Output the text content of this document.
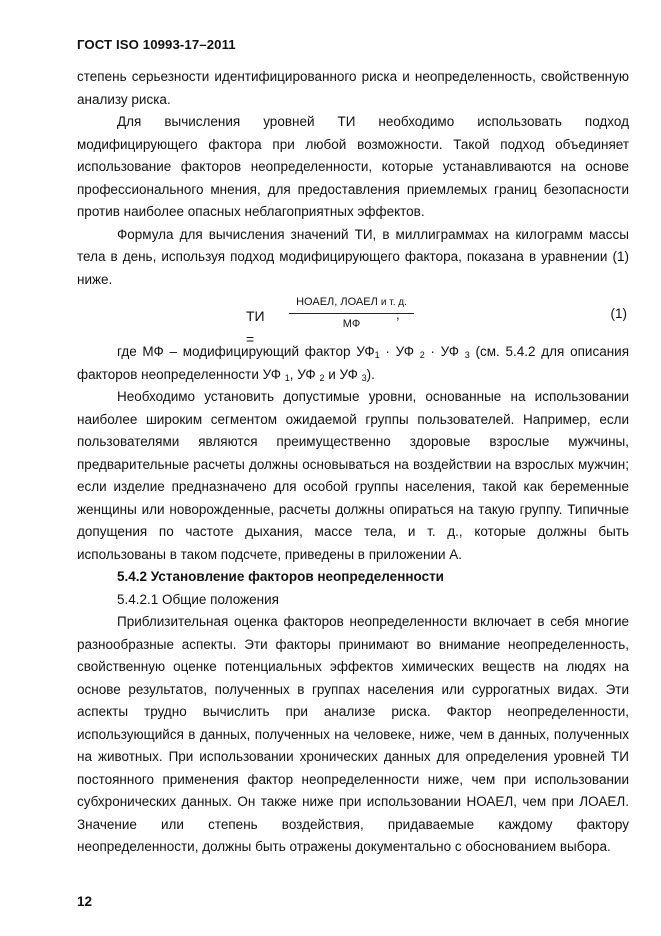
ГОСТ ISO 10993-17–2011

степень серьезности идентифицированного риска и неопределенность, свойственную анализу риска.

Для вычисления уровней ТИ необходимо использовать подход модифицирующего фактора при любой возможности. Такой подход объединяет использование факторов неопределенности, которые устанавливаются на основе профессионального мнения, для предоставления приемлемых границ безопасности против наиболее опасных неблагоприятных эффектов.

Формула для вычисления значений ТИ, в миллиграммах на килограмм массы тела в день, используя подход модифицирующего фактора, показана в уравнении (1) ниже.

ТИ =
НОАЕЛ, ЛОАЕЛ и т. д.
МФ
,	(1)

где МФ – модифицирующий фактор $УФ_1$ · УФ $_2$ · УФ $_3$ (см. 5.4.2 для описания факторов неопределенности УФ $_1$, УФ $_2$ и УФ $_3$).

Необходимо установить допустимые уровни, основанные на использовании наиболее широким сегментом ожидаемой группы пользователей. Например, если пользователями являются преимущественно здоровые взрослые мужчины, предварительные расчеты должны основываться на воздействии на взрослых мужчин; если изделие предназначено для особой группы населения, такой как беременные женщины или новорожденные, расчеты должны опираться на такую группу. Типичные допущения по частоте дыхания, массе тела, и т. д., которые должны быть использованы в таком подсчете, приведены в приложении А.

5.4.2 Установление факторов неопределенности

5.4.2.1 Общие положения

Приблизительная оценка факторов неопределенности включает в себя многие разнообразные аспекты. Эти факторы принимают во внимание неопределенность, свойственную оценке потенциальных эффектов химических веществ на людях на основе результатов, полученных в группах населения или суррогатных видах. Эти аспекты трудно вычислить при анализе риска. Фактор неопределенности, использующийся в данных, полученных на человеке, ниже, чем в данных, полученных на животных. При использовании хронических данных для определения уровней ТИ постоянного применения фактор неопределенности ниже, чем при использовании субхронических данных. Он также ниже при использовании НОАЕЛ, чем при ЛОАЕЛ. Значение или степень воздействия, придаваемые каждому фактору неопределенности, должны быть отражены документально с обоснованием выбора.

12
